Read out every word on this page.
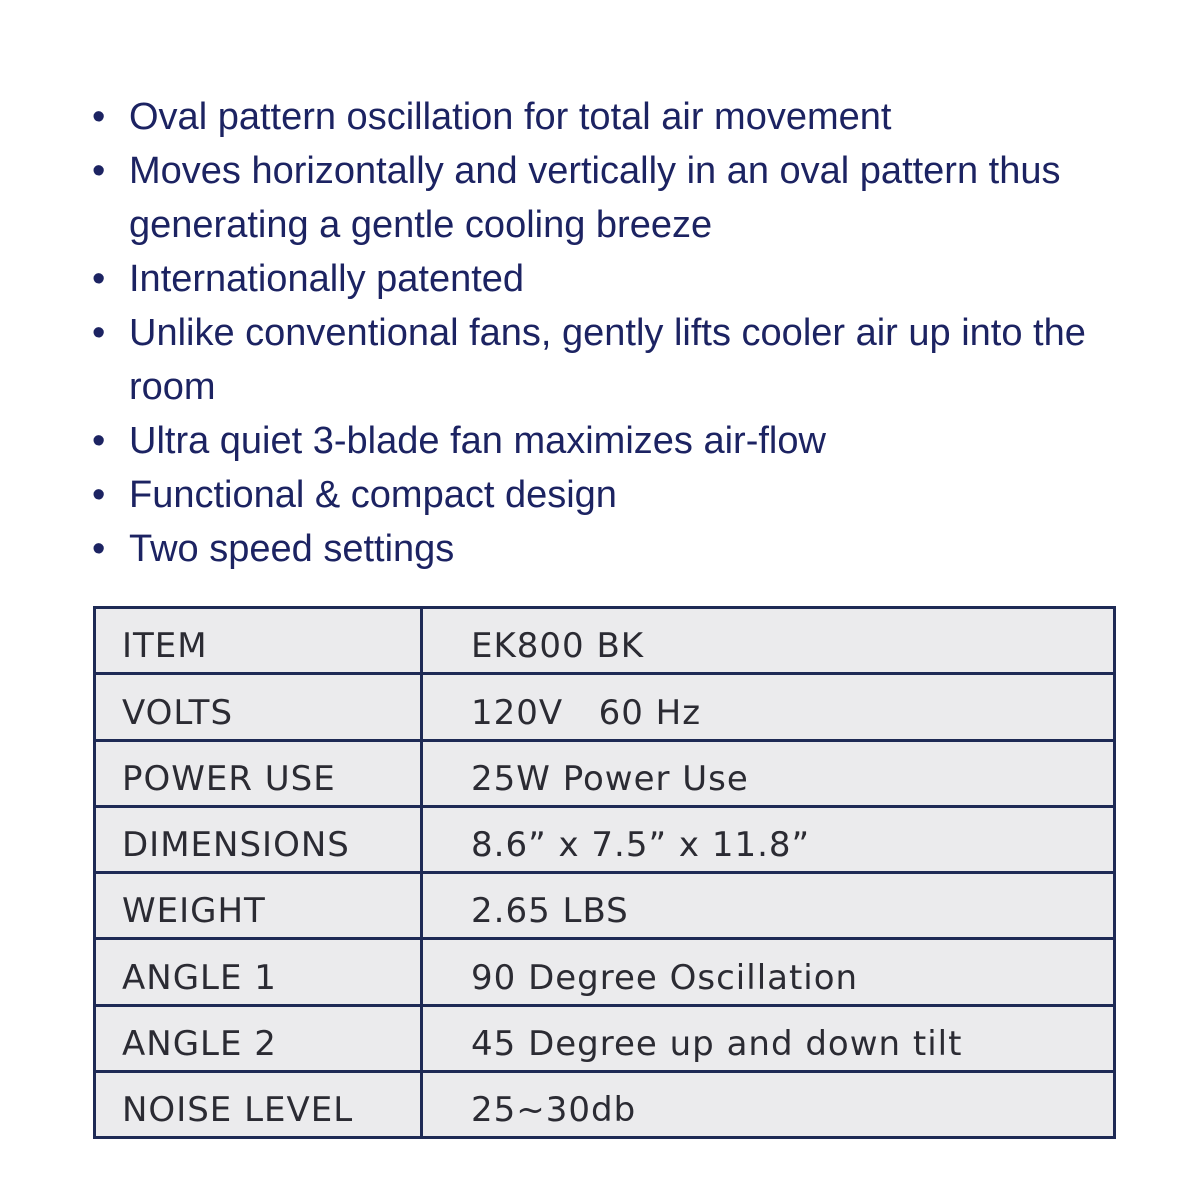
• Oval pattern oscillation for total air movement
• Moves horizontally and vertically in an oval pattern thus generating a gentle cooling breeze
• Internationally patented
• Unlike conventional fans, gently lifts cooler air up into the room
• Ultra quiet 3-blade fan maximizes air-flow
• Functional & compact design
• Two speed settings
ITEM	EK800 BK
VOLTS	120V   60 Hz
POWER USE	25W Power Use
DIMENSIONS	8.6” x 7.5” x 11.8”
WEIGHT	2.65 LBS
ANGLE 1	90 Degree Oscillation
ANGLE 2	45 Degree up and down tilt
NOISE LEVEL	25~30db
